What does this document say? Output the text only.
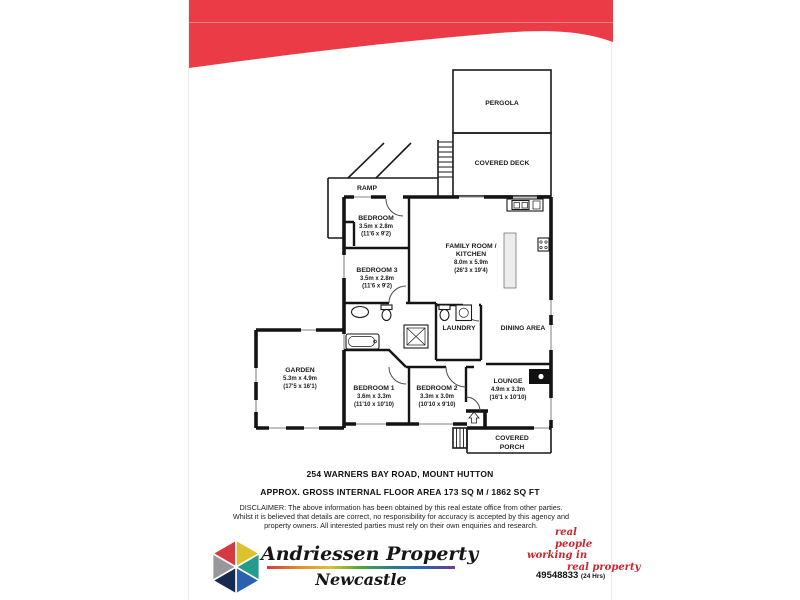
PERGOLA
COVERED DECK
RAMP
BEDROOM
3.5m x 2.8m
(11'6 x 9'2)
BEDROOM 3
3.5m x 2.8m
(11'6 x 9'2)
FAMILY ROOM /
KITCHEN
8.0m x 5.9m
(26'3 x 19'4)
LAUNDRY	DINING AREA
GARDEN
5.3m x 4.9m
(17'5 x 16'1)	BEDROOM 1
3.6m x 3.3m
(11'10 x 10'10)
BEDROOM 2
3.3m x 3.0m
(10'10 x 9'10)
LOUNGE
4.9m x 3.3m
(16'1 x 10'10)
COVERED
PORCH
254 WARNERS BAY ROAD, MOUNT HUTTON
APPROX. GROSS INTERNAL FLOOR AREA 173 SQ M / 1862 SQ FT
DISCLAIMER: The above information has been obtained by this real estate office from other parties.
Whilst it is believed that details are correct, no responsibility for accuracy is accepted by this agency and
property owners. All interested parties must rely on their own enquiries and research.
Andriessen Property
Newcastle
real people
working in
real property
49548833 (24 Hrs)
